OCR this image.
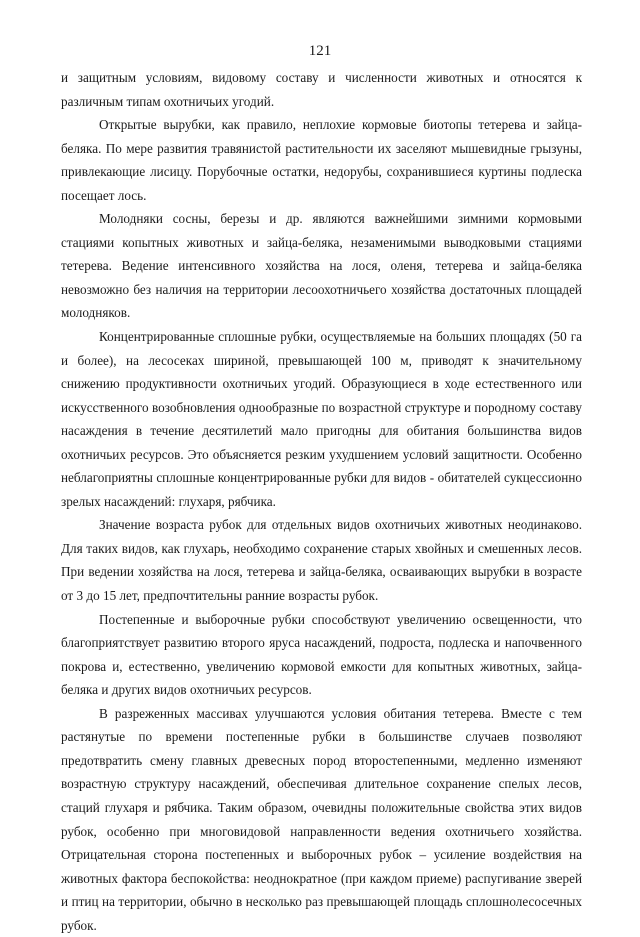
121

и защитным условиям, видовому составу и численности животных и относятся к различным типам охотничьих угодий.

Открытые вырубки, как правило, неплохие кормовые биотопы тетерева и зайца-беляка. По мере развития травянистой растительности их заселяют мышевидные грызуны, привлекающие лисицу. Порубочные остатки, недорубы, сохранившиеся куртины подлеска посещает лось.

Молодняки сосны, березы и др. являются важнейшими зимними кормовыми стациями копытных животных и зайца-беляка, незаменимыми выводковыми стациями тетерева. Ведение интенсивного хозяйства на лося, оленя, тетерева и зайца-беляка невозможно без наличия на территории лесоохотничьего хозяйства достаточных площадей молодняков.

Концентрированные сплошные рубки, осуществляемые на больших площадях (50 га и более), на лесосеках шириной, превышающей 100 м, приводят к значительному снижению продуктивности охотничьих угодий. Образующиеся в ходе естественного или искусственного возобновления однообразные по возрастной структуре и породному составу насаждения в течение десятилетий мало пригодны для обитания большинства видов охотничьих ресурсов. Это объясняется резким ухудшением условий защитности. Особенно неблагоприятны сплошные концентрированные рубки для видов - обитателей сукцессионно зрелых насаждений: глухаря, рябчика.

Значение возраста рубок для отдельных видов охотничьих животных неодинаково. Для таких видов, как глухарь, необходимо сохранение старых хвойных и смешенных лесов. При ведении хозяйства на лося, тетерева и зайца-беляка, осваивающих вырубки в возрасте от 3 до 15 лет, предпочтительны ранние возрасты рубок.

Постепенные и выборочные рубки способствуют увеличению освещенности, что благоприятствует развитию второго яруса насаждений, подроста, подлеска и напочвенного покрова и, естественно, увеличению кормовой емкости для копытных животных, зайца-беляка и других видов охотничьих ресурсов.

В разреженных массивах улучшаются условия обитания тетерева. Вместе с тем растянутые по времени постепенные рубки в большинстве случаев позволяют предотвратить смену главных древесных пород второстепенными, медленно изменяют возрастную структуру насаждений, обеспечивая длительное сохранение спелых лесов, стаций глухаря и рябчика. Таким образом, очевидны положительные свойства этих видов рубок, особенно при многовидовой направленности ведения охотничьего хозяйства. Отрицательная сторона постепенных и выборочных рубок – усиление воздействия на животных фактора беспокойства: неоднократное (при каждом приеме) распугивание зверей и птиц на территории, обычно в несколько раз превышающей площадь сплошнолесосечных рубок.
